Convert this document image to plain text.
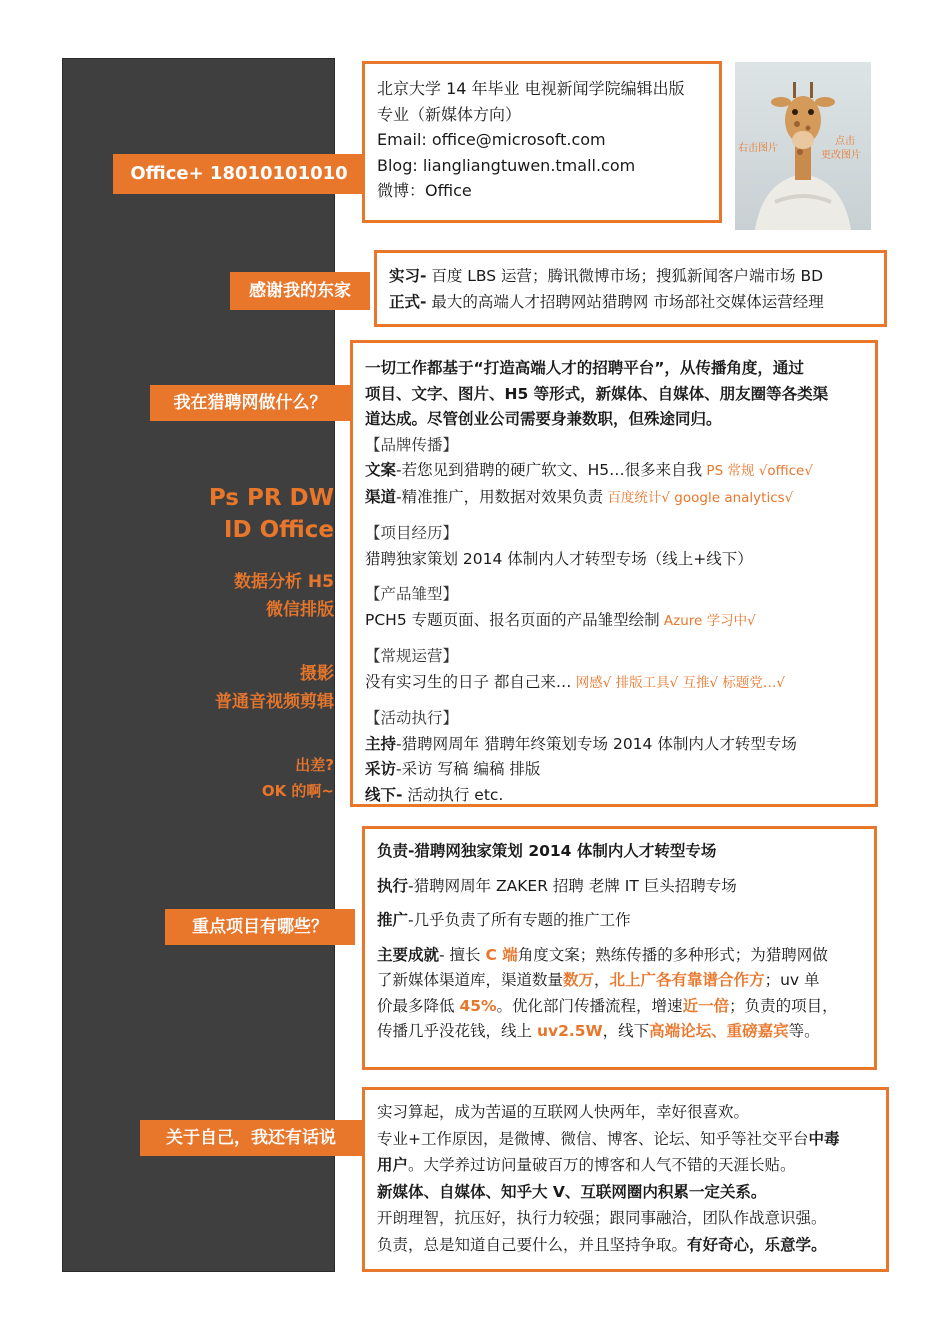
Ps PR DW
ID Office
数据分析 H5
微信排版
摄影
普通音视频剪辑
出差?
OK 的啊~
Office+ 18010101010
感谢我的东家
我在猎聘网做什么？
重点项目有哪些？
关于自己，我还有话说
北京大学 14 年毕业 电视新闻学院编辑出版
专业（新媒体方向）
Email: office@microsoft.com
Blog: liangliangtuwen.tmall.com
微博：Office
右击图片
点击
更改图片
实习- 百度 LBS 运营；腾讯微博市场；搜狐新闻客户端市场 BD
正式- 最大的高端人才招聘网站猎聘网 市场部社交媒体运营经理
一切工作都基于“打造高端人才的招聘平台”，从传播角度，通过
项目、文字、图片、H5 等形式，新媒体、自媒体、朋友圈等各类渠
道达成。尽管创业公司需要身兼数职，但殊途同归。
【品牌传播】
文案-若您见到猎聘的硬广软文、H5…很多来自我 PS 常规 √office√
渠道-精准推广，用数据对效果负责 百度统计√ google analytics√
【项目经历】
猎聘独家策划 2014 体制内人才转型专场（线上+线下）
【产品雏型】
PCH5 专题页面、报名页面的产品雏型绘制 Azure 学习中√
【常规运营】
没有实习生的日子 都自己来… 网感√ 排版工具√ 互推√ 标题党…√
【活动执行】
主持-猎聘网周年 猎聘年终策划专场 2014 体制内人才转型专场
采访-采访 写稿 编稿 排版
线下- 活动执行 etc.
负责-猎聘网独家策划 2014 体制内人才转型专场
执行-猎聘网周年 ZAKER 招聘 老牌 IT 巨头招聘专场
推广-几乎负责了所有专题的推广工作
主要成就- 擅长 C 端角度文案；熟练传播的多种形式；为猎聘网做
了新媒体渠道库，渠道数量数万，北上广各有靠谱合作方；uv 单
价最多降低 45%。优化部门传播流程，增速近一倍；负责的项目，
传播几乎没花钱，线上 uv2.5W，线下高端论坛、重磅嘉宾等。
实习算起，成为苦逼的互联网人快两年，幸好很喜欢。
专业+工作原因，是微博、微信、博客、论坛、知乎等社交平台中毒
用户。大学养过访问量破百万的博客和人气不错的天涯长贴。
新媒体、自媒体、知乎大 V、互联网圈内积累一定关系。
开朗理智，抗压好，执行力较强；跟同事融洽，团队作战意识强。
负责，总是知道自己要什么，并且坚持争取。有好奇心，乐意学。
